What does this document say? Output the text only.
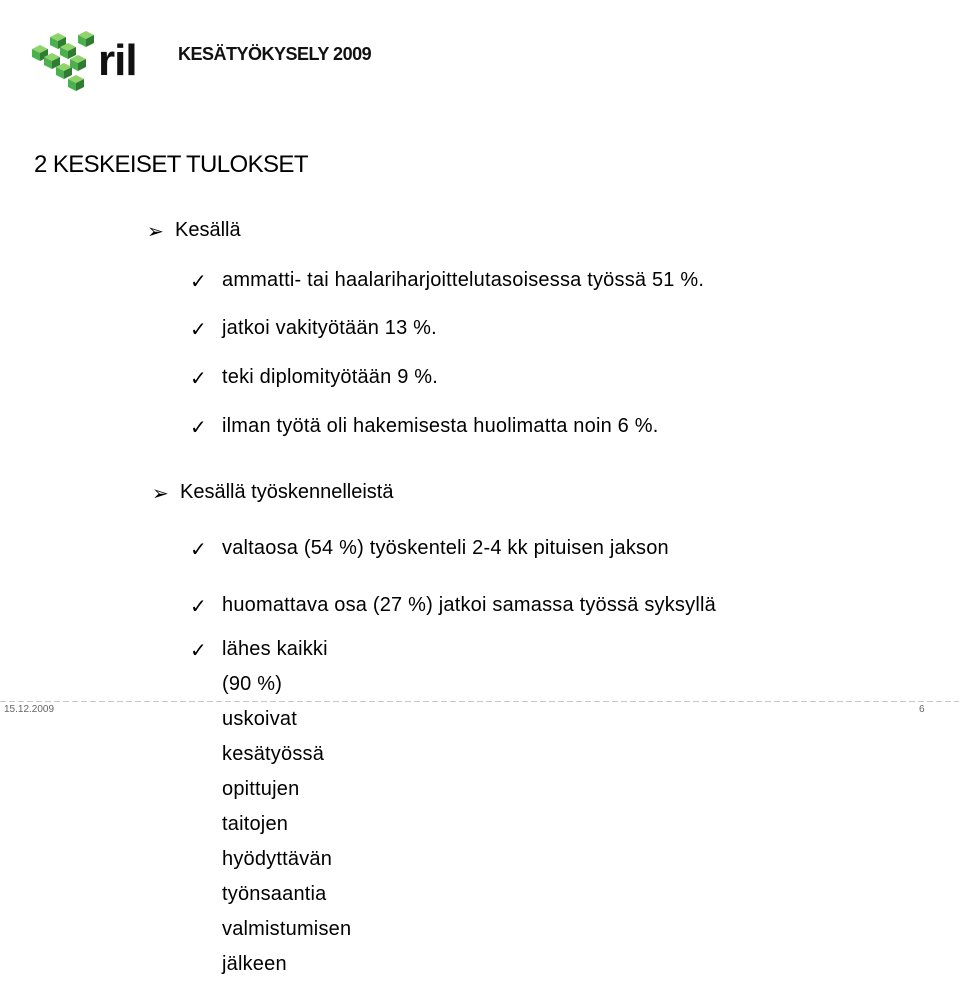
ril KESÄTYÖKYSELY 2009
2 KESKEISET TULOKSET
➢ Kesällä
✓ ammatti- tai haalariharjoittelutasoisessa työssä 51 %.
✓ jatkoi vakityötään 13 %.
✓ teki diplomityötään 9 %.
✓ ilman työtä oli hakemisesta huolimatta noin 6 %.
➢ Kesällä työskennelleistä
✓ valtaosa (54 %) työskenteli 2-4 kk pituisen jakson
✓ huomattava osa (27 %) jatkoi samassa työssä syksyllä
✓ lähes kaikki (90 %) uskoivat kesätyössä opittujen taitojen
hyödyttävän työnsaantia valmistumisen jälkeen
15.12.2009	6
